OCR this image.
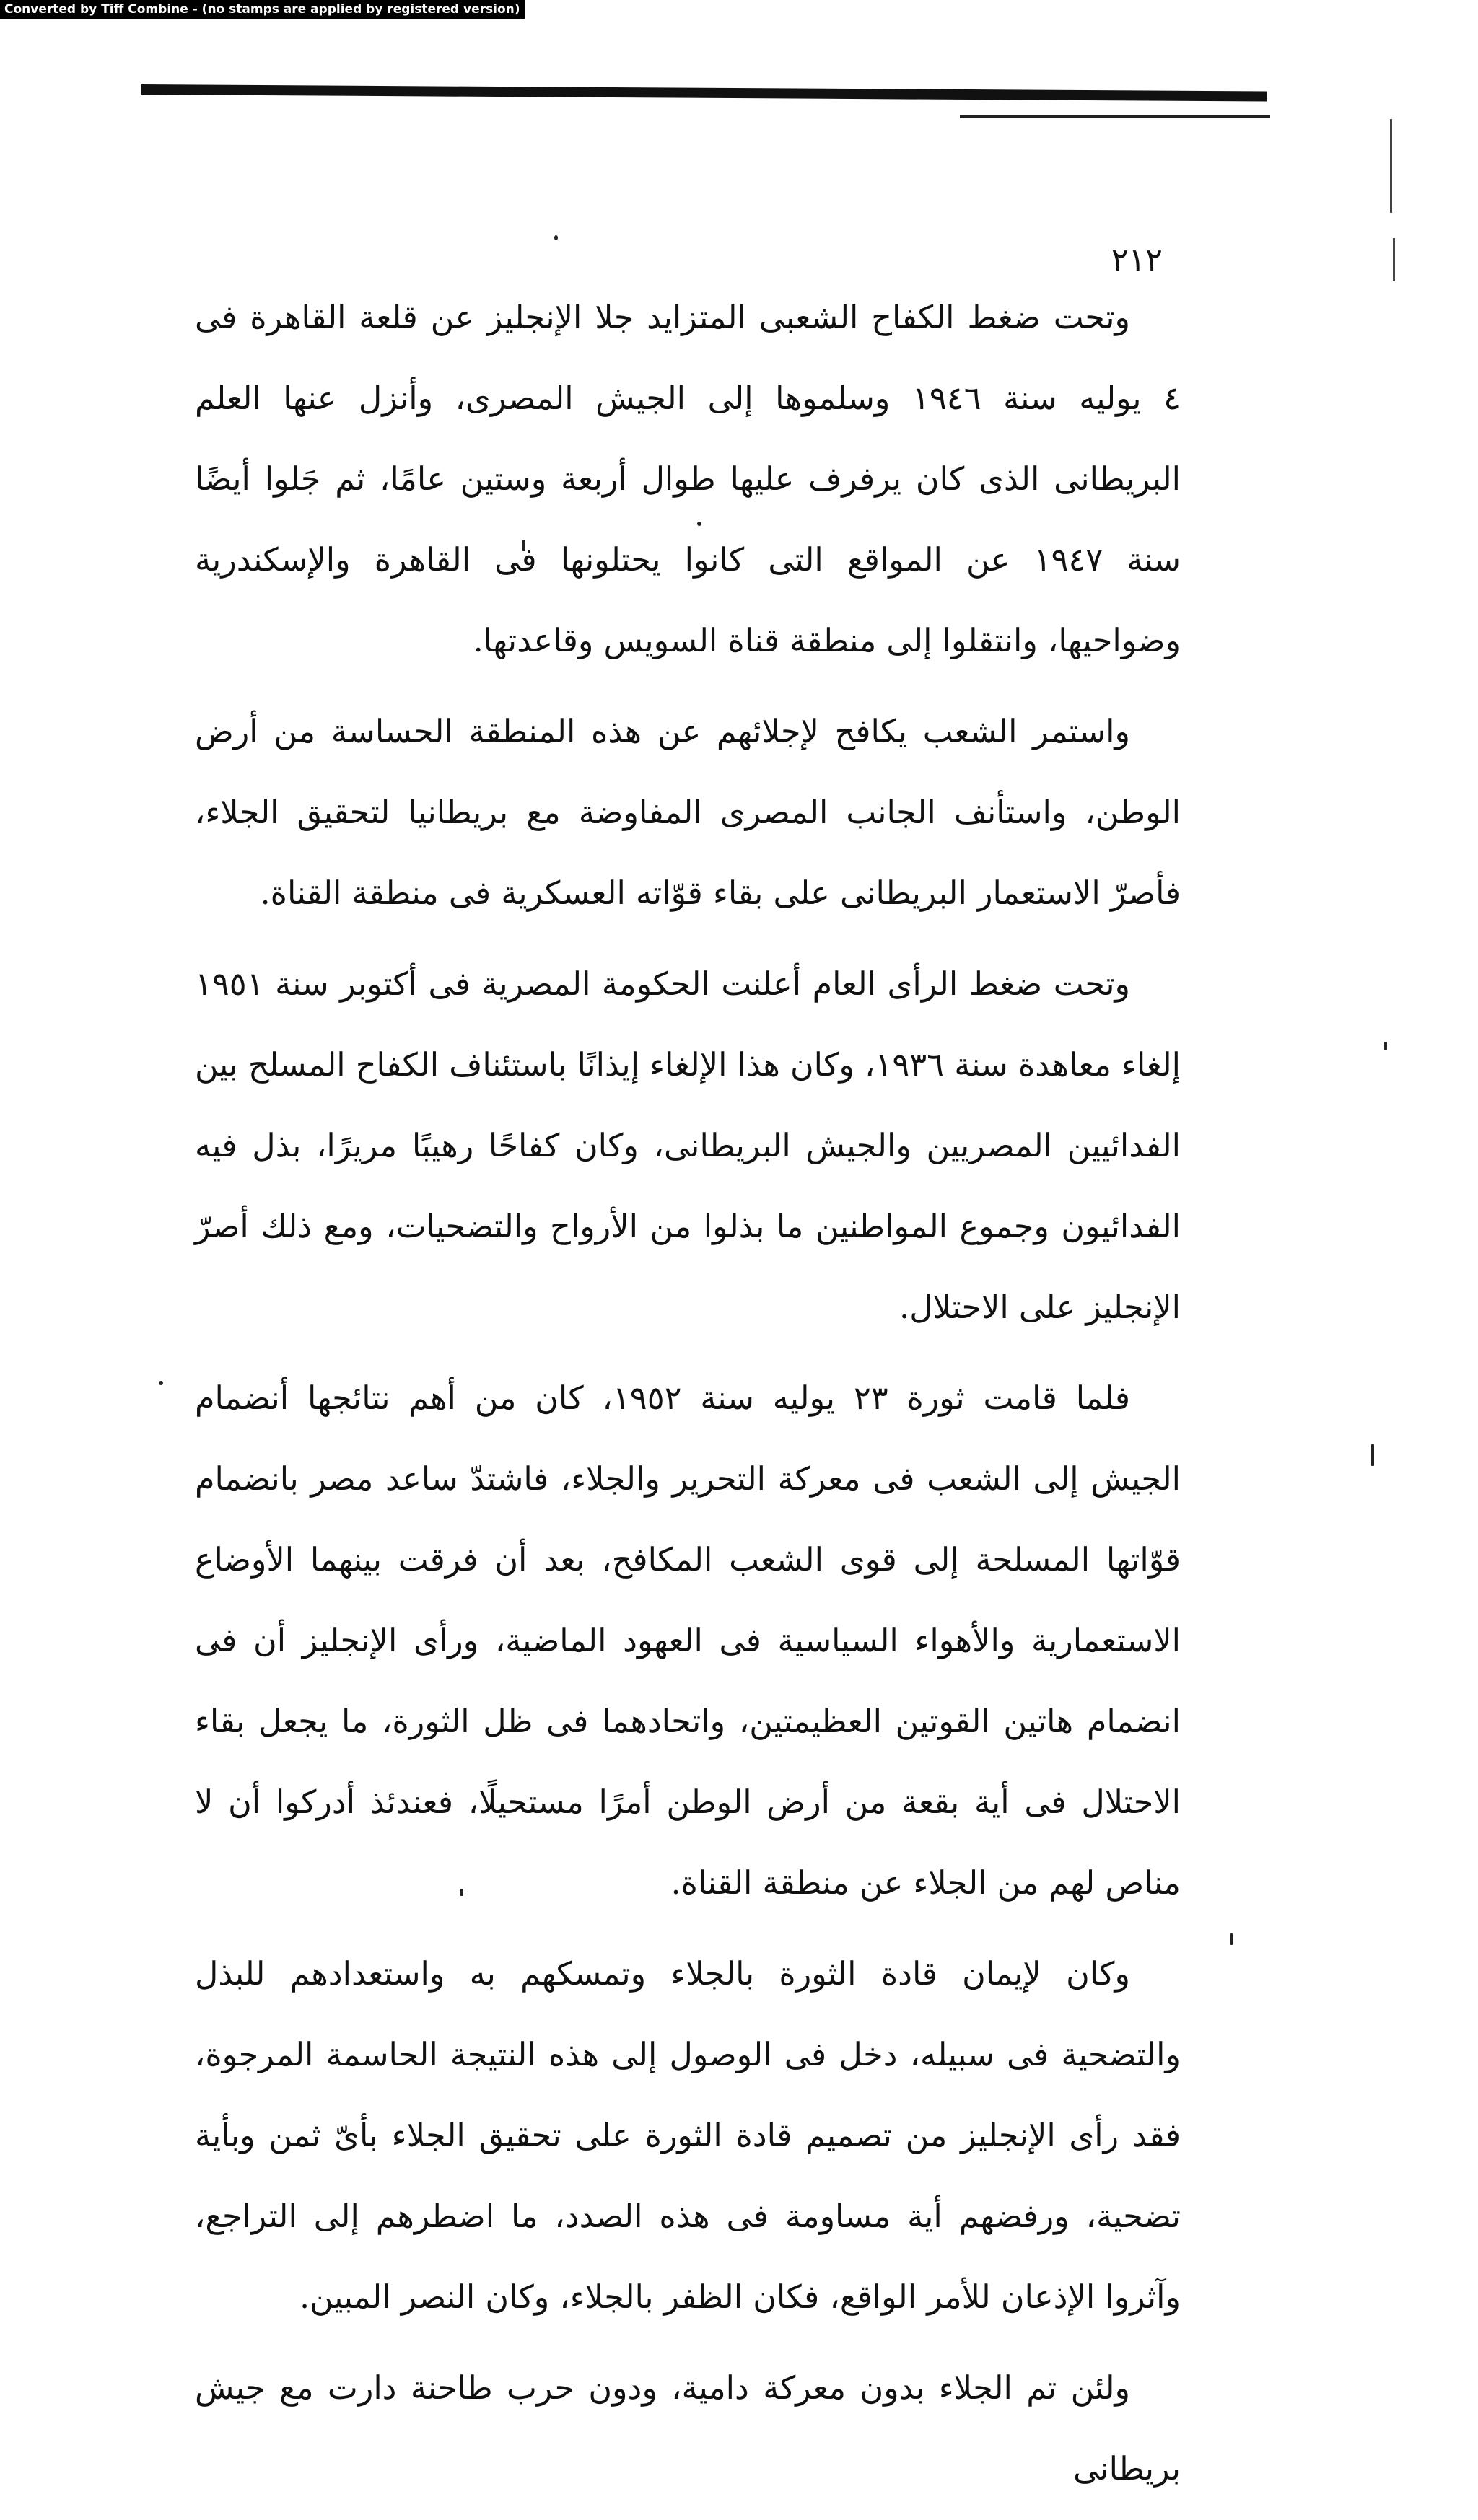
Converted by Tiff Combine - (no stamps are applied by registered version)
٢١٢

وتحت ضغط الكفاح الشعبى المتزايد جلا الإنجليز عن قلعة القاهرة فى ٤ يوليه سنة ١٩٤٦ وسلموها إلى الجيش المصرى، وأنزل عنها العلم البريطانى الذى كان يرفرف عليها طوال أربعة وستين عامًا، ثم جَلوا أيضًا سنة ١٩٤٧ عن المواقع التى كانوا يحتلونها فى القاهرة والإسكندرية وضواحيها، وانتقلوا إلى منطقة قناة السويس وقاعدتها.

واستمر الشعب يكافح لإجلائهم عن هذه المنطقة الحساسة من أرض الوطن، واستأنف الجانب المصرى المفاوضة مع بريطانيا لتحقيق الجلاء، فأصرّ الاستعمار البريطانى على بقاء قوّاته العسكرية فى منطقة القناة.

وتحت ضغط الرأى العام أعلنت الحكومة المصرية فى أكتوبر سنة ١٩٥١ إلغاء معاهدة سنة ١٩٣٦، وكان هذا الإلغاء إيذانًا باستئناف الكفاح المسلح بين الفدائيين المصريين والجيش البريطانى، وكان كفاحًا رهيبًا مريرًا، بذل فيه الفدائيون وجموع المواطنين ما بذلوا من الأرواح والتضحيات، ومع ذلك أصرّ الإنجليز على الاحتلال.

فلما قامت ثورة ٢٣ يوليه سنة ١٩٥٢، كان من أهم نتائجها أنضمام الجيش إلى الشعب فى معركة التحرير والجلاء، فاشتدّ ساعد مصر بانضمام قوّاتها المسلحة إلى قوى الشعب المكافح، بعد أن فرقت بينهما الأوضاع الاستعمارية والأهواء السياسية فى العهود الماضية، ورأى الإنجليز أن فى انضمام هاتين القوتين العظيمتين، واتحادهما فى ظل الثورة، ما يجعل بقاء الاحتلال فى أية بقعة من أرض الوطن أمرًا مستحيلًا، فعندئذ أدركوا أن لا مناص لهم من الجلاء عن منطقة القناة.

وكان لإيمان قادة الثورة بالجلاء وتمسكهم به واستعدادهم للبذل والتضحية فى سبيله، دخل فى الوصول إلى هذه النتيجة الحاسمة المرجوة، فقد رأى الإنجليز من تصميم قادة الثورة على تحقيق الجلاء بأىّ ثمن وبأية تضحية، ورفضهم أية مساومة فى هذه الصدد، ما اضطرهم إلى التراجع، وآثروا الإذعان للأمر الواقع، فكان الظفر بالجلاء، وكان النصر المبين.

ولئن تم الجلاء بدون معركة دامية، ودون حرب طاحنة دارت مع جيش بريطانى
